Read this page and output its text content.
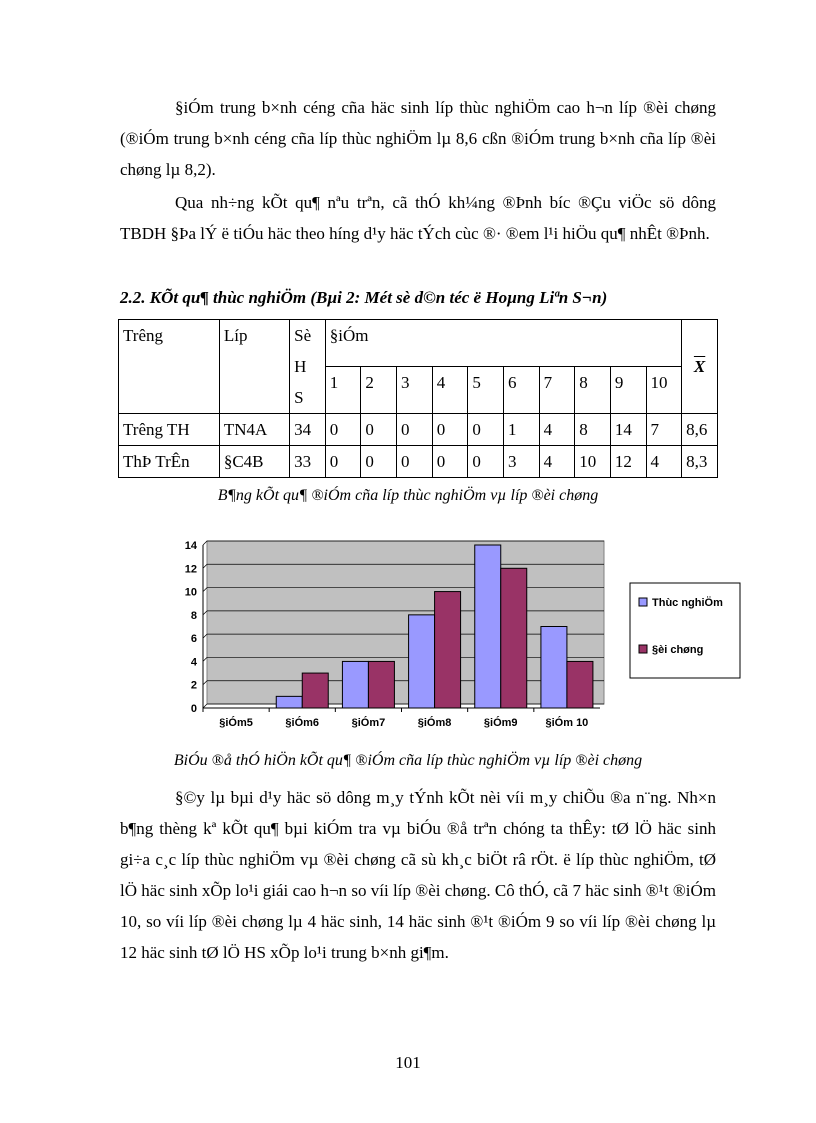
§iÓm trung b×nh céng cña häc sinh líp thùc nghiÖm cao h¬n líp ®èi chøng (®iÓm trung b×nh céng cña líp thùc nghiÖm lµ 8,6 cßn ®iÓm trung b×nh cña líp ®èi chøng lµ 8,2).

Qua nh÷ng kÕt qu¶ nªu trªn, cã thÓ kh¼ng ®Þnh bíc ®Çu viÖc sö dông TBDH §Þa lÝ ë tiÓu häc theo híng d¹y häc tÝch cùc ®· ®em l¹i hiÖu qu¶ nhÊt ®Þnh.

2.2. KÕt qu¶ thùc nghiÖm (Bµi 2: Mét sè d©n téc ë Hoµng Liªn S¬n)

Trêng	Líp	Sè
H
S	§iÓm										$\overline{X}$
			1	2	3	4	5	6	7	8	9	10	
Trêng TH	TN4A	34	0	0	0	0	0	1	4	8	14	7	8,6
ThÞ TrÊn	§C4B	33	0	0	0	0	0	3	4	10	12	4	8,3

B¶ng kÕt qu¶ ®iÓm cña líp thùc nghiÖm vµ líp ®èi chøng

0
2
4
6
8
10
12
14
§iÓm5	§iÓm6	§iÓm7	§iÓm8	§iÓm9	§iÓm 10
Thùc nghiÖm
§èi chøng

BiÓu ®å thÓ hiÖn kÕt qu¶ ®iÓm cña líp thùc nghiÖm vµ líp ®èi chøng

§©y lµ bµi d¹y häc sö dông m¸y tÝnh kÕt nèi víi m¸y chiÕu ®a n¨ng. Nh×n b¶ng thèng kª kÕt qu¶ bµi kiÓm tra vµ biÓu ®å trªn chóng ta thÊy: tØ lÖ häc sinh gi÷a c¸c líp thùc nghiÖm vµ ®èi chøng cã sù kh¸c biÖt râ rÖt. ë líp thùc nghiÖm, tØ lÖ häc sinh xÕp lo¹i giái cao h¬n so víi líp ®èi chøng. Cô thÓ, cã 7 häc sinh ®¹t ®iÓm 10, so víi líp ®èi chøng lµ 4 häc sinh, 14 häc sinh ®¹t ®iÓm 9 so víi líp ®èi chøng lµ 12 häc sinh tØ lÖ HS xÕp lo¹i trung b×nh gi¶m.

101
